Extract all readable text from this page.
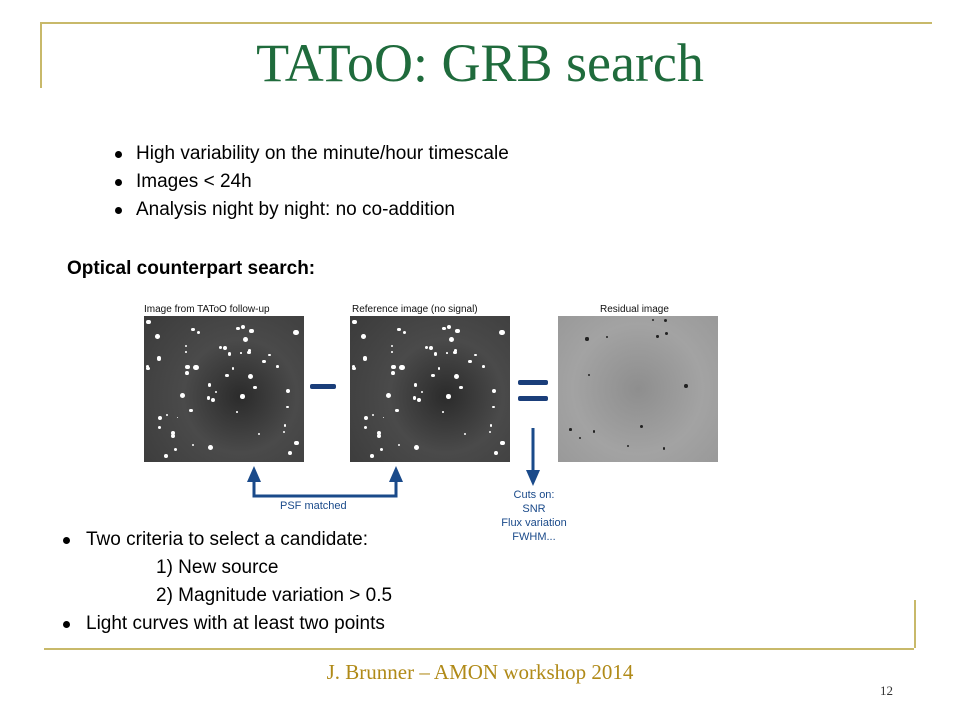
TAToO: GRB search
High variability on the minute/hour timescale
Images < 24h
Analysis night by night: no co-addition
Optical counterpart search:
Image from TAToO follow-up	Reference image (no signal)	Residual image
PSF matched
Cuts on:
SNR
Flux variation
FWHM...
Two criteria to select a candidate:
1) New source
2) Magnitude variation > 0.5
Light curves with at least two points
J. Brunner – AMON workshop 2014
12
